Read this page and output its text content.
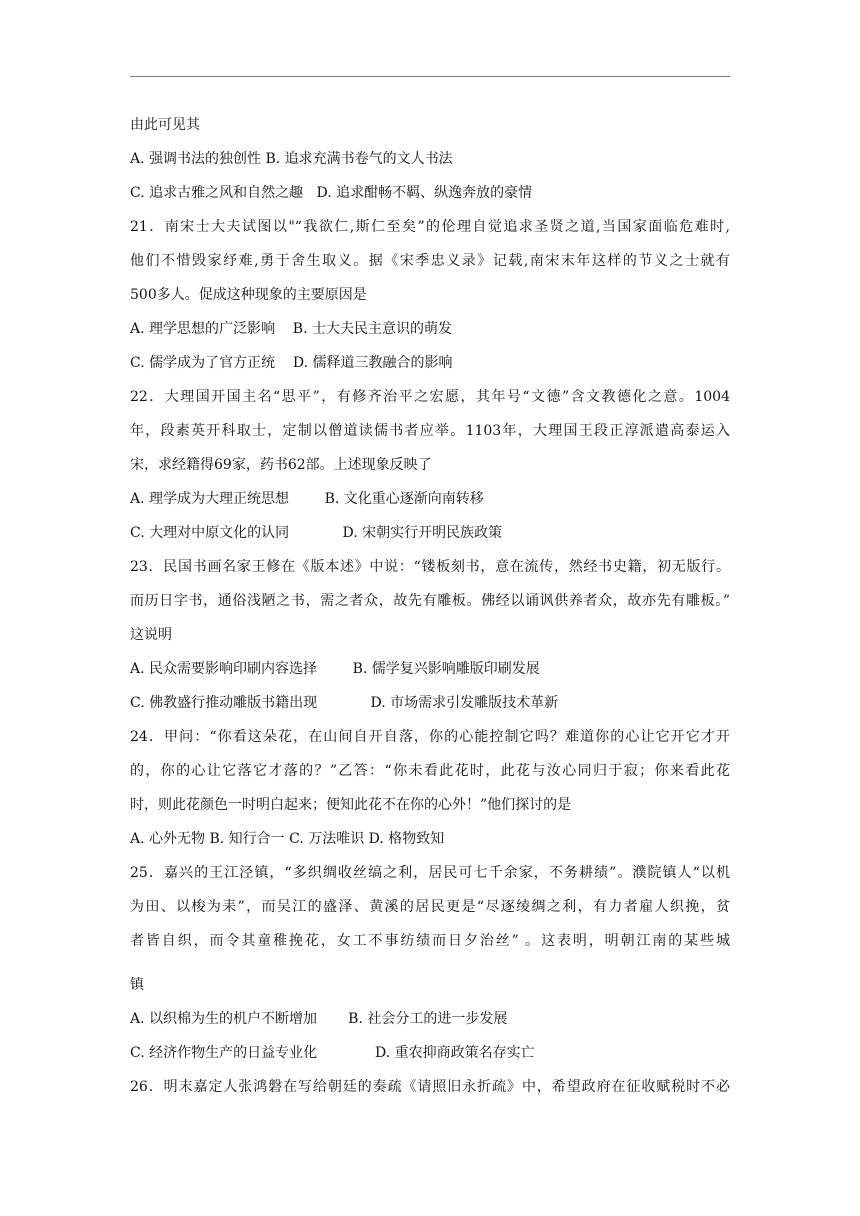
由此可见其
A. 强调书法的独创性 B. 追求充满书卷气的文人书法
C. 追求古雅之风和自然之趣   D. 追求酣畅不羁、纵逸奔放的豪情
21．南宋士大夫试图以"“我欲仁,斯仁至矣”的伦理自觉追求圣贤之道,当国家面临危难时,
他们不惜毁家纾难,勇于舍生取义。据《宋季忠义录》记载,南宋末年这样的节义之士就有
500多人。促成这种现象的主要原因是
A. 理学思想的广泛影响    B. 士大夫民主意识的萌发
C. 儒学成为了官方正统    D. 儒释道三教融合的影响
22．大理国开国主名“思平”，有修齐治平之宏愿，其年号“文德”含文教德化之意。1004
年，段素英开科取士，定制以僧道读儒书者应举。1103年，大理国王段正淳派遣高泰运入
宋，求经籍得69家，药书62部。上述现象反映了
A. 理学成为大理正统思想        B. 文化重心逐渐向南转移
C. 大理对中原文化的认同            D. 宋朝实行开明民族政策
23．民国书画名家王修在《版本述》中说：“镂板刻书，意在流传，然经书史籍，初无版行。
而历日字书，通俗浅陋之书，需之者众，故先有雕板。佛经以诵讽供养者众，故亦先有雕板。”
这说明
A. 民众需要影响印刷内容选择        B. 儒学复兴影响雕版印刷发展
C. 佛教盛行推动雕版书籍出现            D. 市场需求引发雕版技术革新
24．甲问：“你看这朵花，在山间自开自落，你的心能控制它吗？难道你的心让它开它才开
的，你的心让它落它才落的？”乙答：“你未看此花时，此花与汝心同归于寂；你来看此花
时，则此花颜色一时明白起来；便知此花不在你的心外！”他们探讨的是
A. 心外无物 B. 知行合一 C. 万法唯识 D. 格物致知
25．嘉兴的王江泾镇，“多织绸收丝缟之利，居民可七千余家，不务耕绩”。濮院镇人“以机
为田、以梭为耒”，而吴江的盛泽、黄溪的居民更是“尽逐绫绸之利，有力者雇人织挽，贫
者皆自织，而令其童稚挽花，女工不事纺绩而日夕治丝” 。这表明，明朝江南的某些城
镇
A. 以织棉为生的机户不断增加       B. 社会分工的进一步发展
C. 经济作物生产的日益专业化             D. 重农抑商政策名存实亡
26．明末嘉定人张鸿磐在写给朝廷的奏疏《请照旧永折疏》中，希望政府在征收赋税时不必
